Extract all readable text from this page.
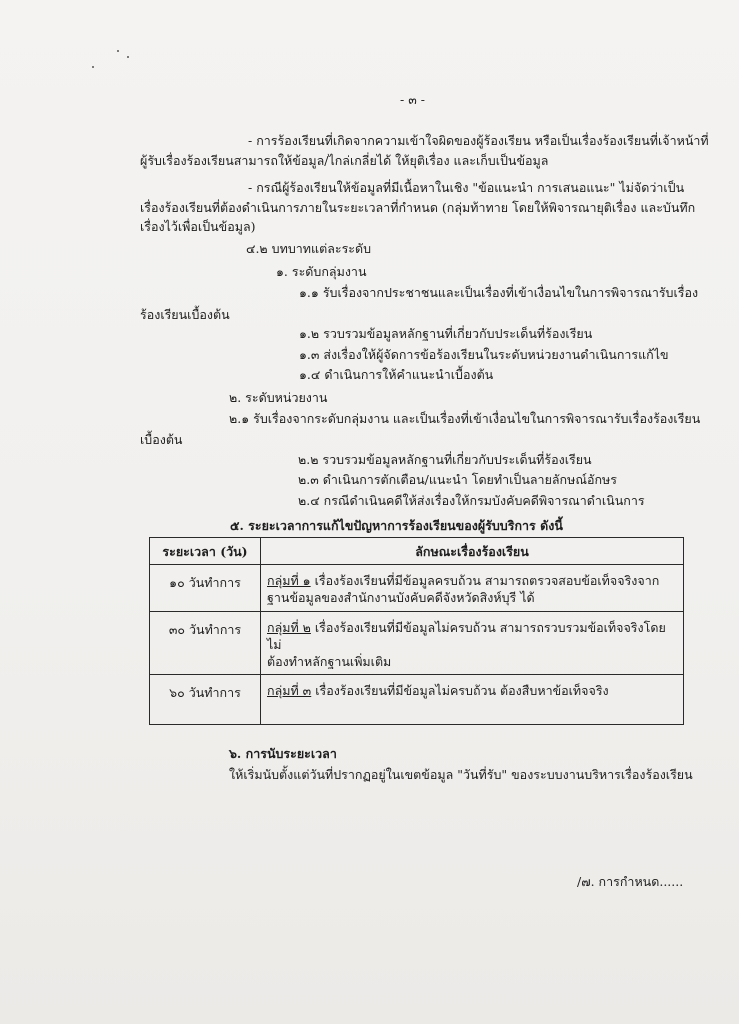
- ๓ -
- การร้องเรียนที่เกิดจากความเข้าใจผิดของผู้ร้องเรียน หรือเป็นเรื่องร้องเรียนที่เจ้าหน้าที่
ผู้รับเรื่องร้องเรียนสามารถให้ข้อมูล/ไกล่เกลี่ยได้ ให้ยุติเรื่อง และเก็บเป็นข้อมูล
- กรณีผู้ร้องเรียนให้ข้อมูลที่มีเนื้อหาในเชิง "ข้อแนะนำ การเสนอแนะ" ไม่จัดว่าเป็น
เรื่องร้องเรียนที่ต้องดำเนินการภายในระยะเวลาที่กำหนด (กลุ่มท้าทาย โดยให้พิจารณายุติเรื่อง และบันทึก
เรื่องไว้เพื่อเป็นข้อมูล)
๔.๒ บทบาทแต่ละระดับ
๑. ระดับกลุ่มงาน
๑.๑ รับเรื่องจากประชาชนและเป็นเรื่องที่เข้าเงื่อนไขในการพิจารณารับเรื่อง
ร้องเรียนเบื้องต้น
๑.๒ รวบรวมข้อมูลหลักฐานที่เกี่ยวกับประเด็นที่ร้องเรียน
๑.๓ ส่งเรื่องให้ผู้จัดการข้อร้องเรียนในระดับหน่วยงานดำเนินการแก้ไข
๑.๔ ดำเนินการให้คำแนะนำเบื้องต้น
๒. ระดับหน่วยงาน
๒.๑ รับเรื่องจากระดับกลุ่มงาน และเป็นเรื่องที่เข้าเงื่อนไขในการพิจารณารับเรื่องร้องเรียน
เบื้องต้น
๒.๒ รวบรวมข้อมูลหลักฐานที่เกี่ยวกับประเด็นที่ร้องเรียน
๒.๓ ดำเนินการตักเตือน/แนะนำ โดยทำเป็นลายลักษณ์อักษร
๒.๔ กรณีดำเนินคดีให้ส่งเรื่องให้กรมบังคับคดีพิจารณาดำเนินการ
๕. ระยะเวลาการแก้ไขปัญหาการร้องเรียนของผู้รับบริการ ดังนี้
ระยะเวลา (วัน)	ลักษณะเรื่องร้องเรียน
๑๐ วันทำการ	กลุ่มที่ ๑ เรื่องร้องเรียนที่มีข้อมูลครบถ้วน สามารถตรวจสอบข้อเท็จจริงจาก
ฐานข้อมูลของสำนักงานบังคับคดีจังหวัดสิงห์บุรี ได้
๓๐ วันทำการ	กลุ่มที่ ๒ เรื่องร้องเรียนที่มีข้อมูลไม่ครบถ้วน สามารถรวบรวมข้อเท็จจริงโดยไม่
ต้องทำหลักฐานเพิ่มเติม
๖๐ วันทำการ	กลุ่มที่ ๓ เรื่องร้องเรียนที่มีข้อมูลไม่ครบถ้วน ต้องสืบหาข้อเท็จจริง

๖. การนับระยะเวลา
ให้เริ่มนับตั้งแต่วันที่ปรากฏอยู่ในเขตข้อมูล "วันที่รับ" ของระบบงานบริหารเรื่องร้องเรียน
/๗. การกำหนด......
